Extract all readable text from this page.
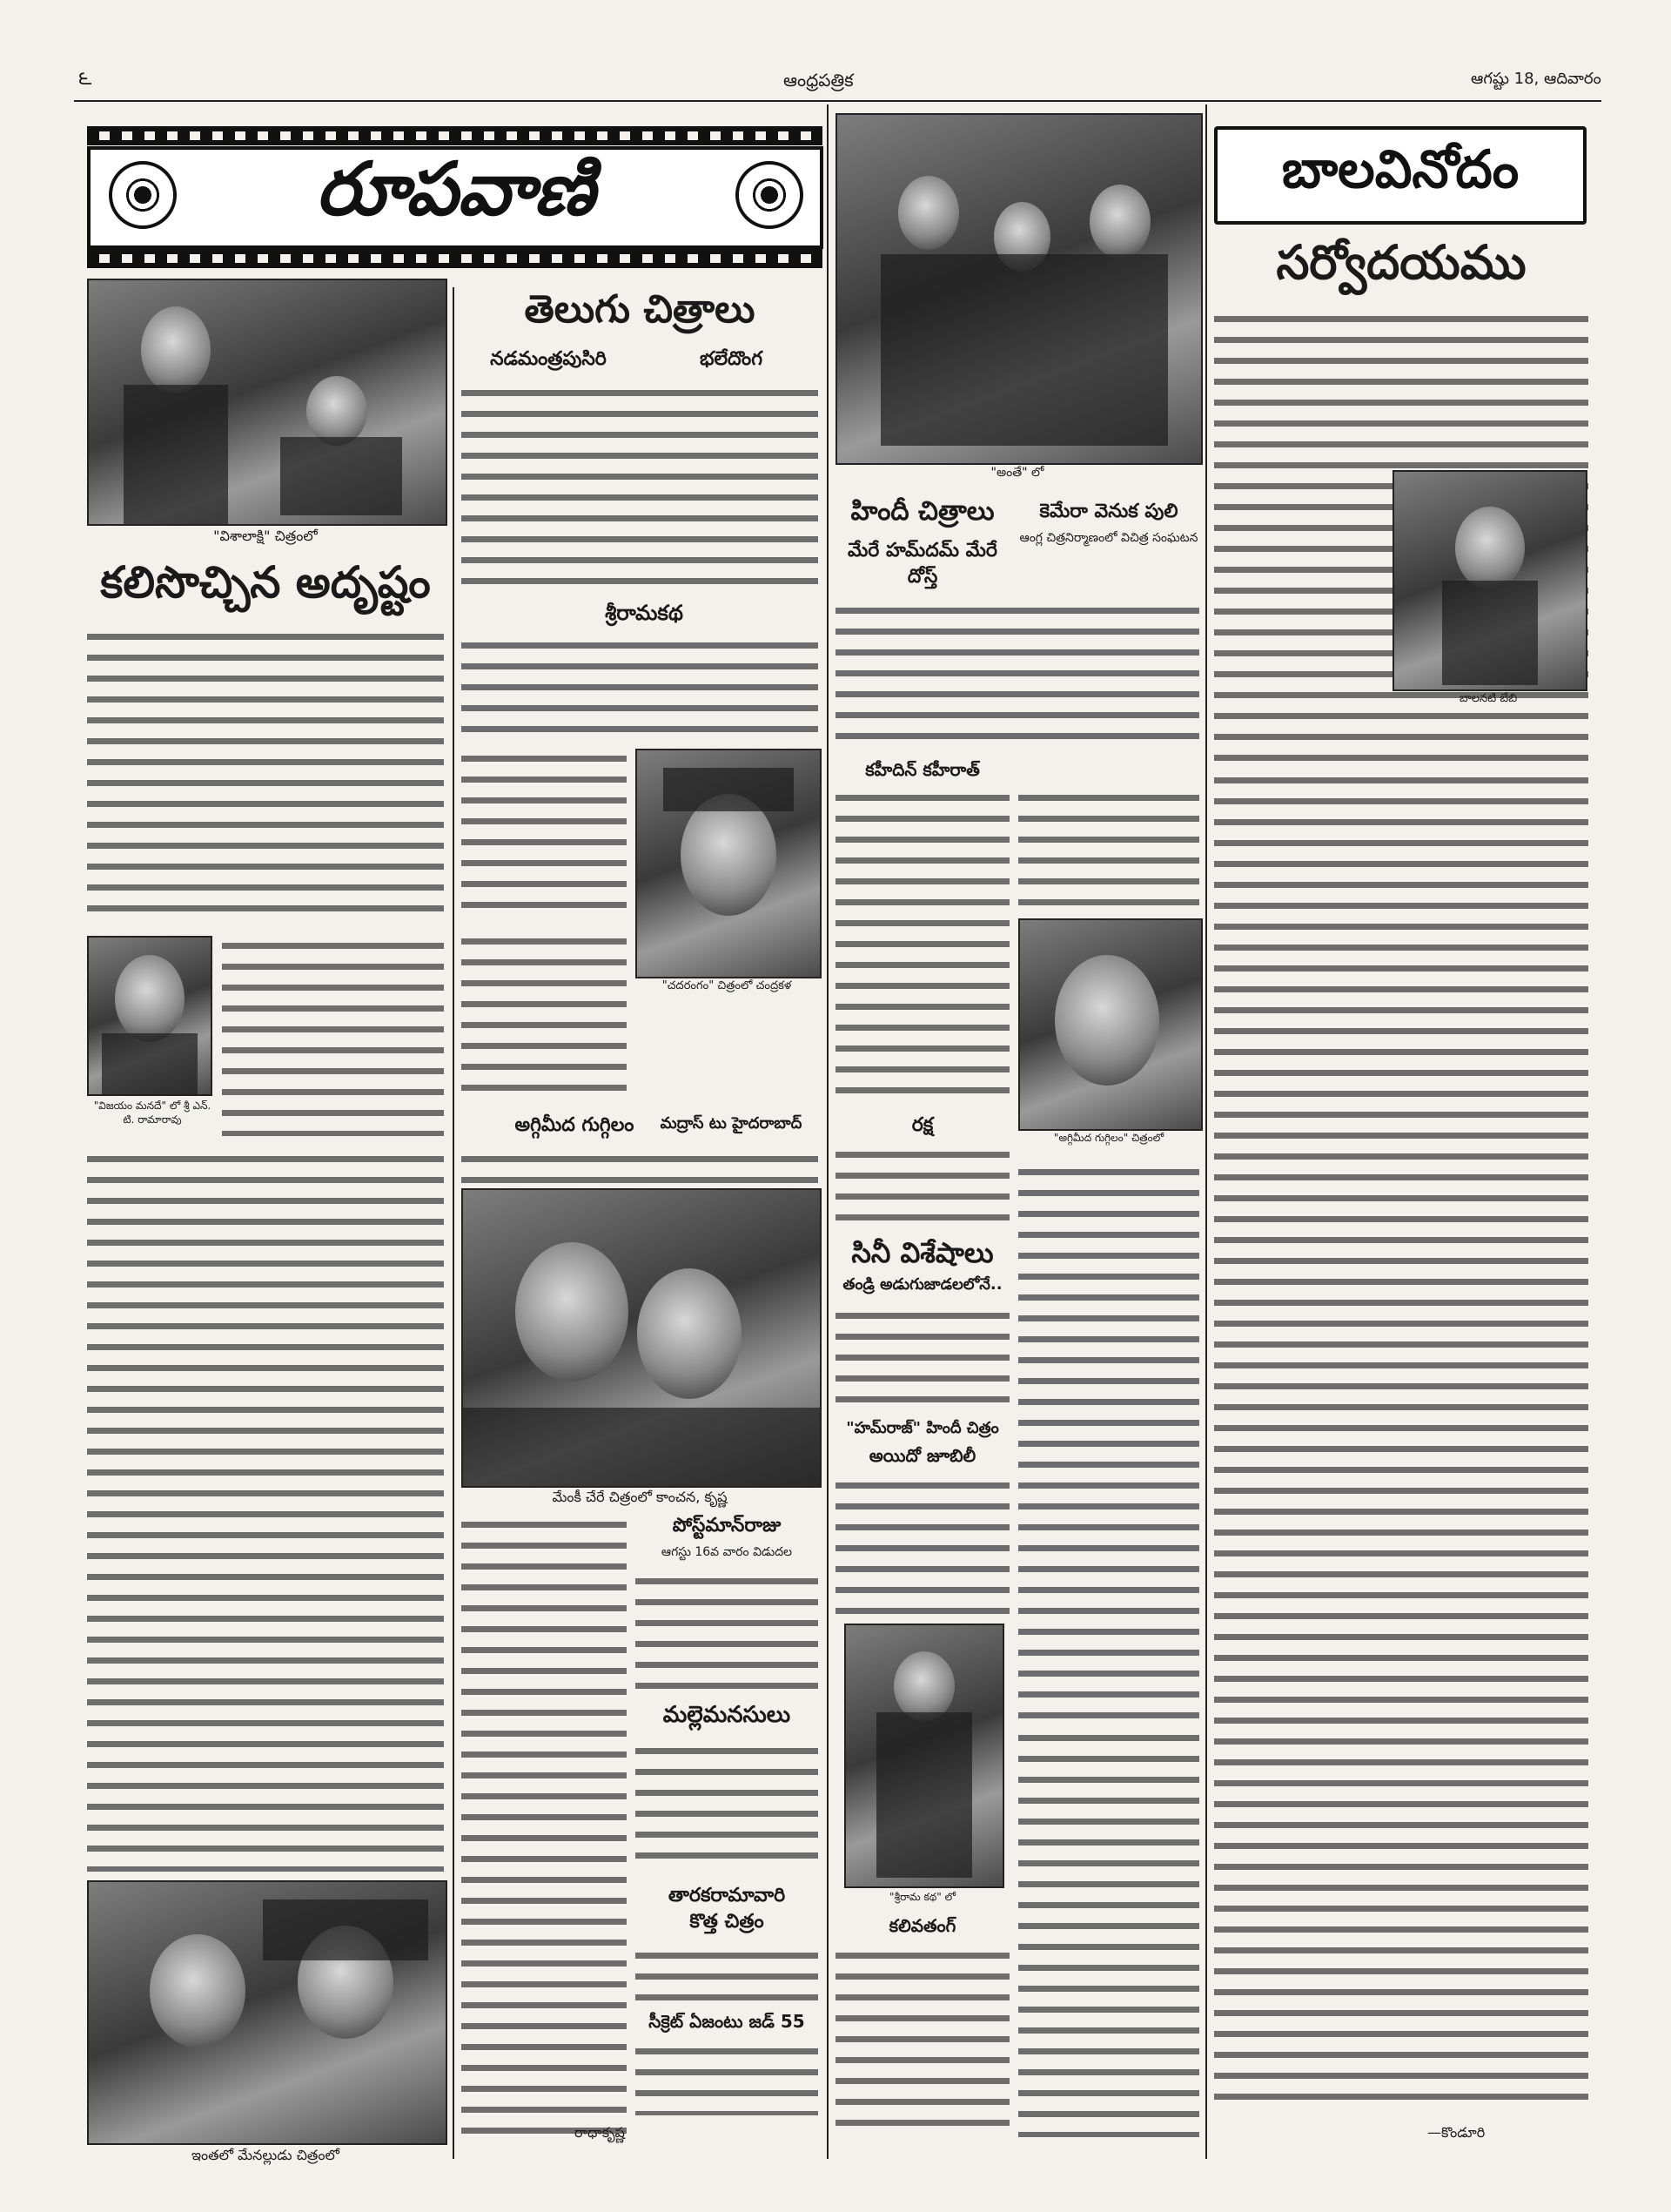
౬	ఆంధ్రపత్రిక	ఆగష్టు 18, ఆదివారం
రూపవాణి	బాలవినోదం
"విశాలాక్షి" చిత్రంలో
కలిసొచ్చిన అదృష్టం
"విజయం మనదే" లో శ్రీ ఎన్. టి. రామారావు
ఇంతలో మేనల్లుడు చిత్రంలో
తెలుగు చిత్రాలు
నడమంత్రపుసిరి	భలేదొంగ
శ్రీరామకథ
"చదరంగం" చిత్రంలో చంద్రకళ
అగ్గిమీద గుగ్గిలం	మద్రాస్ టు హైదరాబాద్
మేంకీ చేరే చిత్రంలో కాంచన, కృష్ణ
పోస్ట్‌మాన్‌రాజు
ఆగస్టు 16వ వారం విడుదల
మల్లెమనసులు
తారకరామావారి
కొత్త చిత్రం
సీక్రెట్ ఏజంటు జడ్ 55
రాధాకృష్ణ
"అంతే" లో
హిందీ చిత్రాలు
మేరే హమ్‌దమ్ మేరే దోస్త్
కెమేరా వెనుక పులి
ఆంగ్ల చిత్రనిర్మాణంలో విచిత్ర సంఘటన
కహీదిన్ కహీరాత్
"అగ్గిమీద గుగ్గిలం" చిత్రంలో
రక్ష
సినీ విశేషాలు
తండ్రి అడుగుజాడలలోనే..
"హమ్‌రాజ్" హిందీ చిత్రం
అయిదో జూబిలీ
"శ్రీరామ కథ" లో
కలివతంగ్
సర్వోదయము
బాలనటి బేబి
—కొండూరి
